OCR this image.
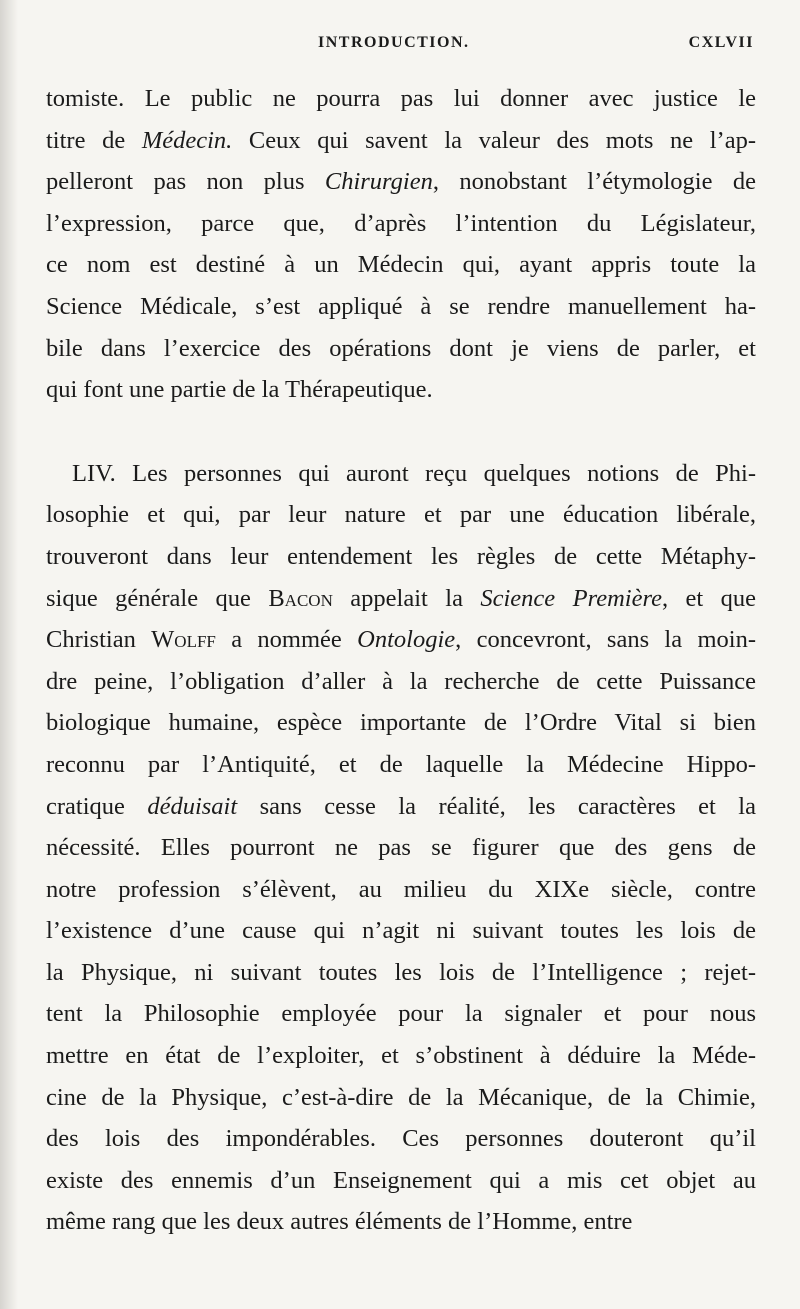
INTRODUCTION.	CXLVII
tomiste. Le public ne pourra pas lui donner avec justice le
titre de Médecin. Ceux qui savent la valeur des mots ne l’ap-
pelleront pas non plus Chirurgien, nonobstant l’étymologie de
l’expression, parce que, d’après l’intention du Législateur,
ce nom est destiné à un Médecin qui, ayant appris toute la
Science Médicale, s’est appliqué à se rendre manuellement ha-
bile dans l’exercice des opérations dont je viens de parler, et
qui font une partie de la Thérapeutique.
LIV. Les personnes qui auront reçu quelques notions de Phi-
losophie et qui, par leur nature et par une éducation libérale,
trouveront dans leur entendement les règles de cette Métaphy-
sique générale que Bacon appelait la Science Première, et que
Christian Wolff a nommée Ontologie, concevront, sans la moin-
dre peine, l’obligation d’aller à la recherche de cette Puissance
biologique humaine, espèce importante de l’Ordre Vital si bien
reconnu par l’Antiquité, et de laquelle la Médecine Hippo-
cratique déduisait sans cesse la réalité, les caractères et la
nécessité. Elles pourront ne pas se figurer que des gens de
notre profession s’élèvent, au milieu du XIXe siècle, contre
l’existence d’une cause qui n’agit ni suivant toutes les lois de
la Physique, ni suivant toutes les lois de l’Intelligence ; rejet-
tent la Philosophie employée pour la signaler et pour nous
mettre en état de l’exploiter, et s’obstinent à déduire la Méde-
cine de la Physique, c’est-à-dire de la Mécanique, de la Chimie,
des lois des impondérables. Ces personnes douteront qu’il
existe des ennemis d’un Enseignement qui a mis cet objet au
même rang que les deux autres éléments de l’Homme, entre
